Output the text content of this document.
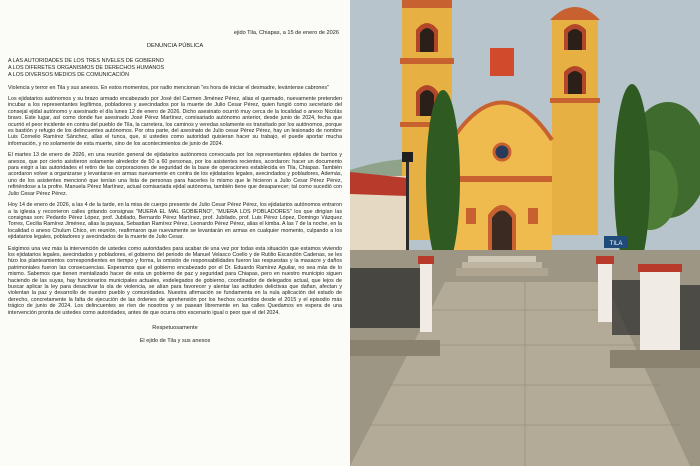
ejido Tila, Chiapas, a 15 de enero de 2026
DENUNCIA PÚBLICA
A LAS AUTORIDADES DE LOS TRES NIVELES DE GOBIERNO
A LOS DIFERETES ORGANISMOS DE DERECHOS HUMANOS
A LOS DIVERSOS MEDIOS DE COMUNICACIÓN

Violencia y terror en Tila y sus anexos. En estos momentos, por radio mencionan "es hora de iniciar el desmadre, levántense cabrones"

Los ejidatarios autónomos y su brazo armado encabezado por José del Carmen Jiménez Pérez, alias el quemado, nuevamente pretenden incubar a los representantes legítimos, pobladores y avecindados por la muerte de Julio Cesar Pérez, quien fungió como secretario del consejal ejidal autónomo y asesinado el día lunes 12 de enero de 2026. Dicho asesinato ocurrió muy cerca de la localidad o anexo Nicolás bravo. Este lugar, así como donde fue asesinado José Pérez Martínez, comisariado autónomo anterior, desde junio de 2024, fecha que ocurrió el peor incidente en contra del pueblo de Tila, la carretera, los caminos y veredas solamente es transitado por los autónomos, porque es bastión y refugio de los delincuentes autónomos. Por otra parte, del asesinato de Julio cesar Pérez Pérez, hay un lesionado de nombre Luis Cornelio Ramírez Sánchez, allas el tunca, que, si ustedes como autoridad quisieran hacer su trabajo, el puede aportar mucha información, y no solamente de esta muerte, sino de los acontecimientos de junio de 2024.

El martes 13 de enero de 2026, en una reunión general de ejidatarios autónomos convocada por los representantes ejidales de barrios y anexos, que por cierto asistieron solamente alrededor de 50 a 60 personas, por los asistentes recientes, acordaron: hacer un documento para exigir a las autoridades el retiro de las corporaciones de seguridad de la base de operaciones establecida en Tila, Chiapas. También acordaron volver a organizarse y levantarse en armas nuevamente en contra de los ejidatarios legales, avecindados y pobladores, Además, uno de los asistentes mencionó que tenían una lista de personas para hacerles lo mismo que le hicieron a Julio Cesar Pérez Pérez, refiriéndose a la profre. Manuela Pérez Martínez, actual comisariada ejidal autónoma, también tiene que desaparecer; tal como sucedió con Julio Cesar Pérez Pérez.

Hoy 14 de enero de 2026, a las 4 de la tarde, en la misa de cuerpo presente de Julio Cesar Pérez Pérez, los ejidatarios autónomos entraron a la iglesia y recorrieron calles gritando consignas "MUERA EL MAL GOBIERNO", "MUERA LOS POBLADORES" los que dirigían las consignas son: Pedardo Pérez López, prof. Jubilado, Bernardo Pérez Martínez, prof. Jubilado, prof. Luis Pérez López, Domingo Vázquez Torres, Cecilia Ramírez Jiménez, alias la payasa, Sebastian Ramírez Pérez, Leonardo Pérez Pérez, alias el kimba. A las 7 de la noche, en la localidad o anexo Chulum Chico, en reunión, reafirmaron que nuevamente se levantarán en armas en cualquier momento, culpando a los ejidatarios legales, pobladores y avecindados de la muerte de Julio Cesar.

Exigimos una vez más la intervención de ustedes como autoridades para acabar de una vez por todas esta situación que estamos viviendo los ejidatarios legales, avecindados y pobladores, el gobierno del periodo de Manuel Velasco Coello y de Rutilio Escandón Cadenas, se les hizo los planteamientos correspondientes en tiempo y forma, la omisión de responsabilidades fueron las respuestas y la masacre y daños patrimoniales fueron las consecuencias. Esperamos que el gobierno encabezado por el Dr. Eduardo Ramírez Aguilar, no sea más de lo mismo. Sabemos que tienen mentalizado hacer de esta un gobierno de paz y seguridad para Chiapas, pero en nuestro municipio siguen haciendo de las suyas, hay funcionarios municipales actuales, exdelegados de gobierno, coordinador de delegados actual, que lejos de buscar aplicar la ley para desactivar la ola de violencia, se alían para favorecer y alentar las actitudes delictivas que dañan, afectan y violentan la paz y desarrollo de nuestro pueblo y comunidades. Nuestra afirmación se fundamenta en la nula aplicación del estado de derecho, concretamente la falta de ejecución de las órdenes de aprehensión por los hechos ocurridos desde el 2015 y el episodio más trágico de junio de 2024. Los delincuentes se ríen de nosotros y se pasean libremente en las calles Quedamos en espera de una intervención pronta de ustedes como autoridades, antes de que ocurra otro escenario igual o peor que el del 2024.

Respetuosamente
El ejido de Tila y sus anexos
TILA
